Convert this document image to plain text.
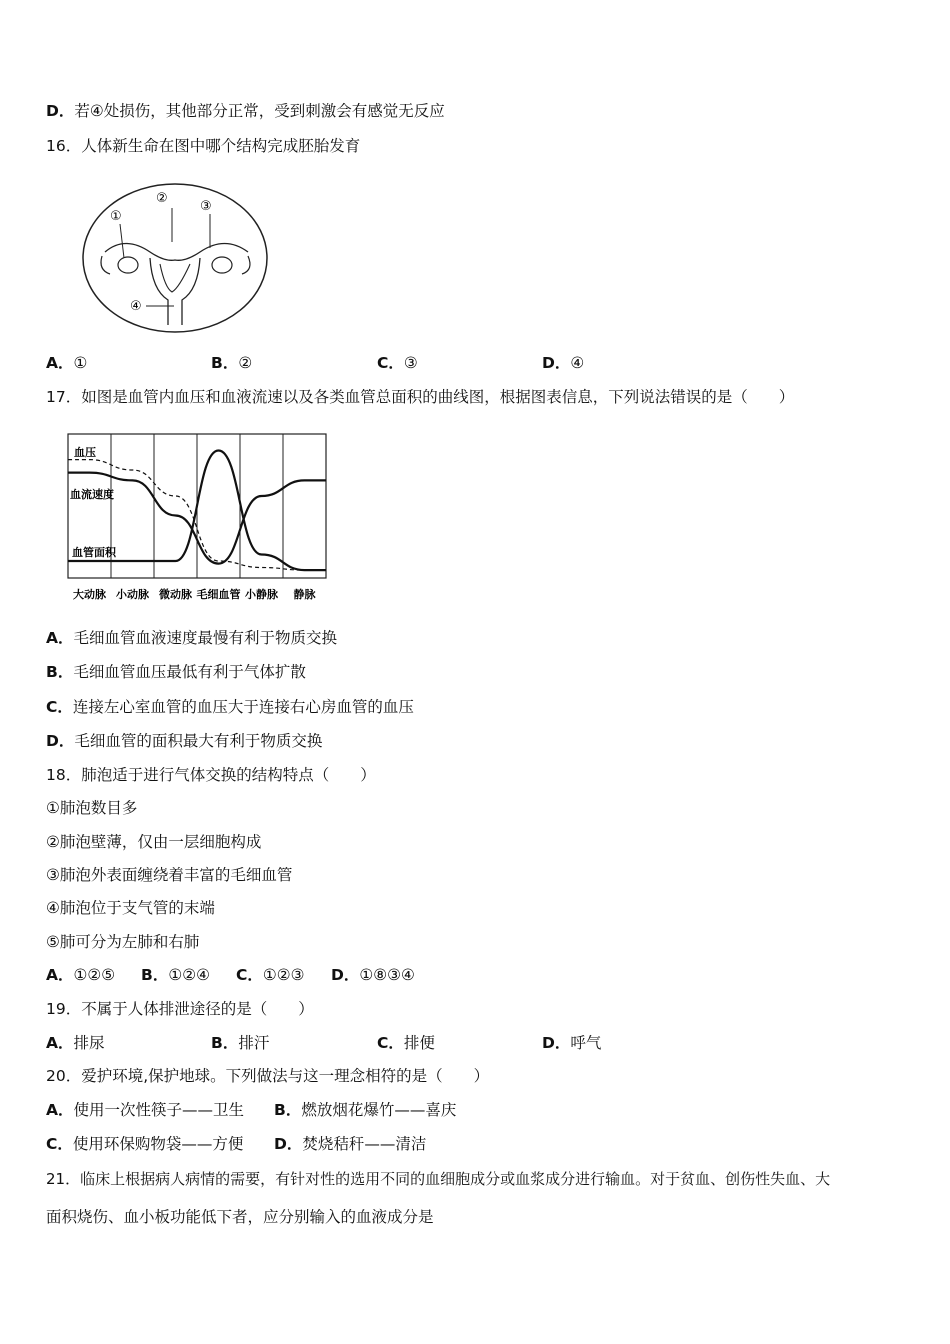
D．若④处损伤，其他部分正常，受到刺激会有感觉无反应
16．人体新生命在图中哪个结构完成胚胎发育
①
②
③
④
A．①	B．②	C．③	D．④
17．如图是血管内血压和血液流速以及各类血管总面积的曲线图，根据图表信息，下列说法错误的是（　　）
大动脉 小动脉 微动脉 毛细血管 小静脉 静脉
血压
血流速度
血管面积
A．毛细血管血液速度最慢有利于物质交换
B．毛细血管血压最低有利于气体扩散
C．连接左心室血管的血压大于连接右心房血管的血压
D．毛细血管的面积最大有利于物质交换
18．肺泡适于进行气体交换的结构特点（　　）
①肺泡数目多
②肺泡壁薄，仅由一层细胞构成
③肺泡外表面缠绕着丰富的毛细血管
④肺泡位于支气管的末端
⑤肺可分为左肺和右肺
A．①②⑤ B．①②④ C．①②③ D．①⑧③④
19．不属于人体排泄途径的是（　　）
A．排尿	B．排汗	C．排便	D．呼气
20．爱护环境,保护地球。下列做法与这一理念相符的是（　　）
A．使用一次性筷子——卫生 B．燃放烟花爆竹——喜庆
C．使用环保购物袋——方便 D．焚烧秸秆——清洁
21．临床上根据病人病情的需要，有针对性的选用不同的血细胞成分或血浆成分进行输血。对于贫血、创伤性失血、大
面积烧伤、血小板功能低下者，应分别输入的血液成分是
